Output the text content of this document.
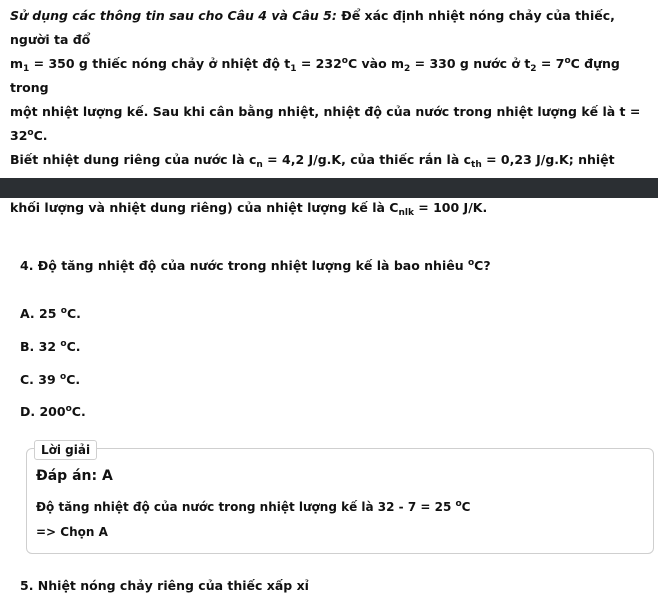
Sử dụng các thông tin sau cho Câu 4 và Câu 5: Để xác định nhiệt nóng chảy của thiếc, người ta đổ

$m_1 = 350$ g thiếc nóng chảy ở nhiệt độ $t_1 = 232^oC$ vào $m_2 = 330$ g nước ở $t_2 = 7^oC$ đựng trong

một nhiệt lượng kế. Sau khi cân bằng nhiệt, nhiệt độ của nước trong nhiệt lượng kế là $t = 32^oC$.

Biết nhiệt dung riêng của nước là $c_n = 4,2$ J/g.K, của thiếc rắn là $c_{th} = 0,23$ J/g.K; nhiệt

khối lượng và nhiệt dung riêng) của nhiệt lượng kế là $C_{nlk} = 100$ J/K.

4. Độ tăng nhiệt độ của nước trong nhiệt lượng kế là bao nhiêu $^o$C?
A. 25 $^o$C.
B. 32 $^o$C.
C. 39 $^o$C.
D. 200$^o$C.
Lời giải
Đáp án: A
Độ tăng nhiệt độ của nước trong nhiệt lượng kế là 32 - 7 = 25 $^o$C
=> Chọn A
5. Nhiệt nóng chảy riêng của thiếc xấp xỉ
